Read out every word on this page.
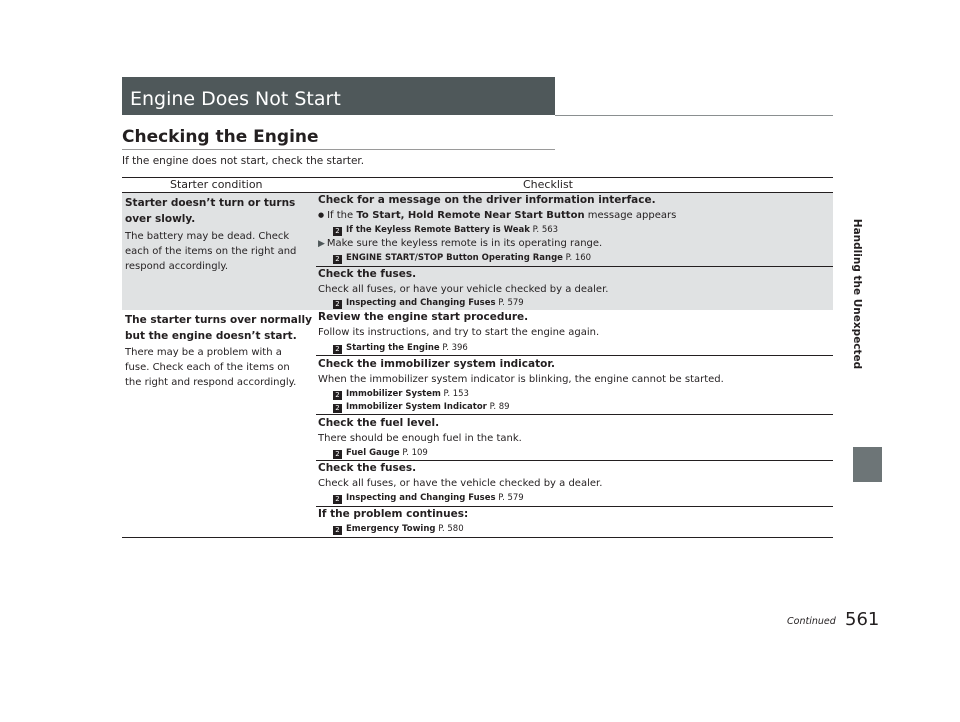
Engine Does Not Start
Checking the Engine
If the engine does not start, check the starter.
Starter condition	Checklist
Starter doesn’t turn or turns
over slowly.
The battery may be dead. Check
each of the items on the right and
respond accordingly.
Check for a message on the driver information interface.
● If the To Start, Hold Remote Near Start Button message appears
2 If the Keyless Remote Battery is Weak P. 563
▶ Make sure the keyless remote is in its operating range.
2 ENGINE START/STOP Button Operating Range P. 160
Check the fuses.
Check all fuses, or have your vehicle checked by a dealer.
2 Inspecting and Changing Fuses P. 579
The starter turns over normally
but the engine doesn’t start.
There may be a problem with a
fuse. Check each of the items on
the right and respond accordingly.
Review the engine start procedure.
Follow its instructions, and try to start the engine again.
2 Starting the Engine P. 396
Check the immobilizer system indicator.
When the immobilizer system indicator is blinking, the engine cannot be started.
2 Immobilizer System P. 153
2 Immobilizer System Indicator P. 89
Check the fuel level.
There should be enough fuel in the tank.
2 Fuel Gauge P. 109
Check the fuses.
Check all fuses, or have the vehicle checked by a dealer.
2 Inspecting and Changing Fuses P. 579
If the problem continues:
2 Emergency Towing P. 580
Handling the Unexpected
Continued 561
